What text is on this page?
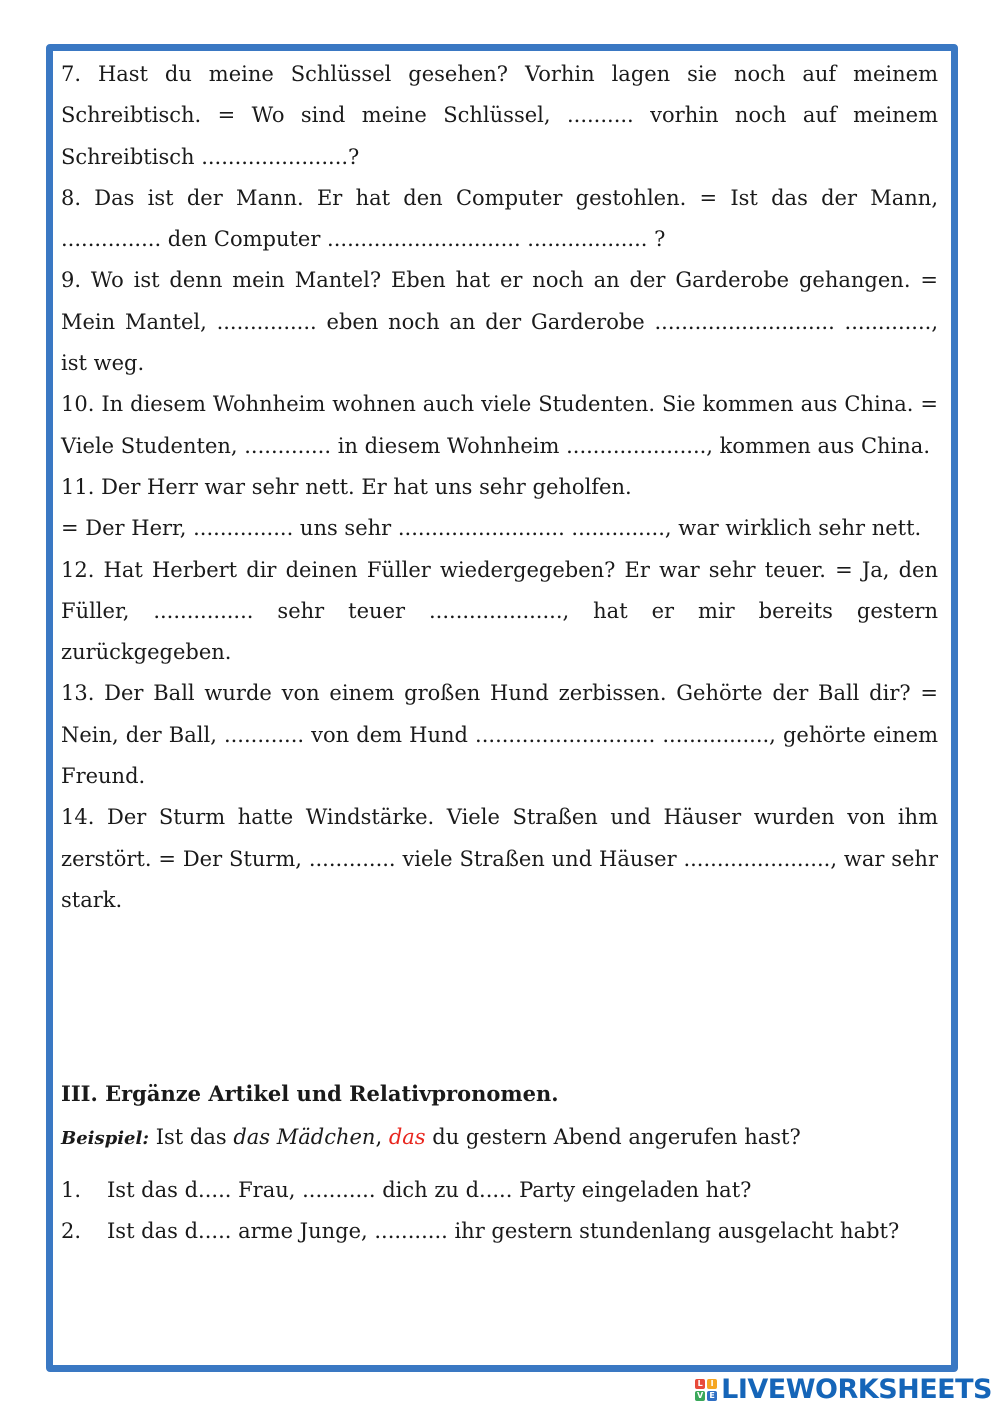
7. Hast du meine Schlüssel gesehen? Vorhin lagen sie noch auf meinem Schreibtisch. = Wo sind meine Schlüssel, .......... vorhin noch auf meinem Schreibtisch ......................?

8. Das ist der Mann. Er hat den Computer gestohlen. = Ist das der Mann, ............... den Computer ............................. .................. ?

9. Wo ist denn mein Mantel? Eben hat er noch an der Garderobe gehangen. = Mein Mantel, ............... eben noch an der Garderobe ........................... ............., ist weg.

10. In diesem Wohnheim wohnen auch viele Studenten. Sie kommen aus China. = Viele Studenten, ............. in diesem Wohnheim ....................., kommen aus China.

11. Der Herr war sehr nett. Er hat uns sehr geholfen.

= Der Herr, ............... uns sehr ......................... .............., war wirklich sehr nett.

12. Hat Herbert dir deinen Füller wiedergegeben? Er war sehr teuer. = Ja, den Füller, ............... sehr teuer ...................., hat er mir bereits gestern zurückgegeben.

13. Der Ball wurde von einem großen Hund zerbissen. Gehörte der Ball dir? = Nein, der Ball, ............ von dem Hund ........................... ................, gehörte einem Freund.

14. Der Sturm hatte Windstärke. Viele Straßen und Häuser wurden von ihm zerstört. = Der Sturm, ............. viele Straßen und Häuser ......................, war sehr stark.

III. Ergänze Artikel und Relativpronomen.
Beispiel: Ist das das Mädchen, das du gestern Abend angerufen hast?
1.	Ist das d..... Frau, ........... dich zu d..... Party eingeladen hat?
2.	Ist das d..... arme Junge, ........... ihr gestern stundenlang ausgelacht habt?
L I
V E LIVEWORKSHEETS
